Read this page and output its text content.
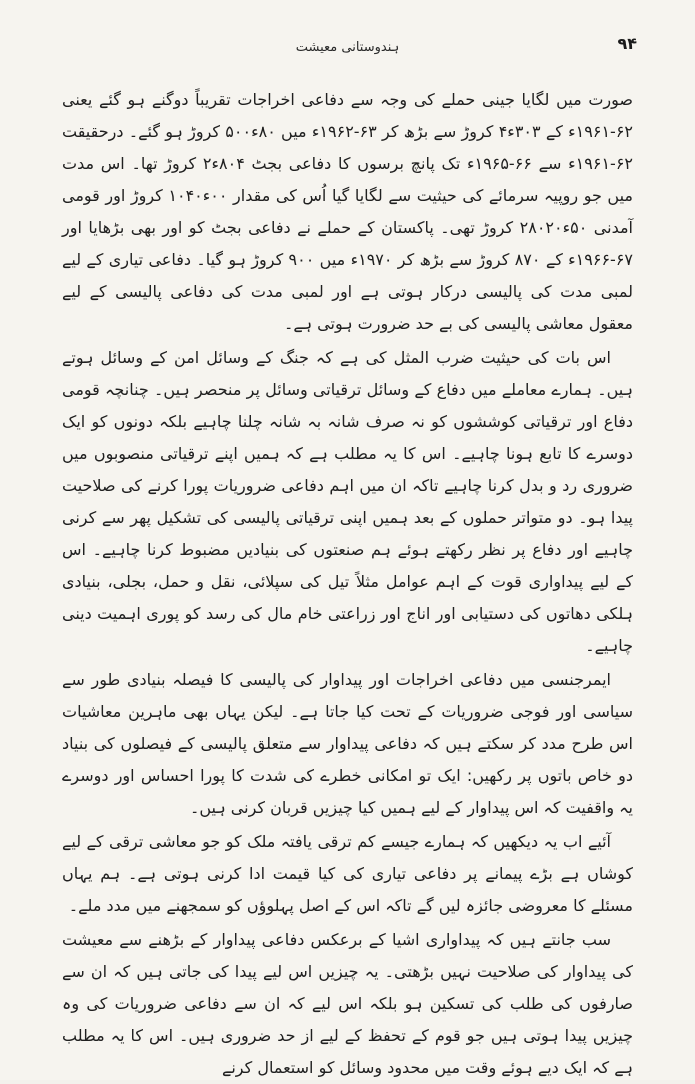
ہندوستانی معیشت	۹۴

صورت میں لگایا جینی حملے کی وجہ سے دفاعی اخراجات تقریباً دوگنے ہو گئے یعنی ۶۲-۱۹۶۱ء کے ۳۰۳ء۴ کروڑ سے بڑھ کر ۶۳-۱۹۶۲ء میں ۸۰ء۵۰۰ کروڑ ہو گئے۔ درحقیقت ۶۲-۱۹۶۱ء سے ۶۶-۱۹۶۵ء تک پانچ برسوں کا دفاعی بجٹ ۸۰۴ء۲ کروڑ تھا۔ اس مدت میں جو روپیہ سرمائے کی حیثیت سے لگایا گیا اُس کی مقدار ۰۰ء۱۰۴۰ کروڑ اور قومی آمدنی ۵۰ء۲۸۰۲۰ کروڑ تھی۔ پاکستان کے حملے نے دفاعی بجٹ کو اور بھی بڑھایا اور ۶۷-۱۹۶۶ء کے ۸۷۰ کروڑ سے بڑھ کر ۱۹۷۰ء میں ۹۰۰ کروڑ ہو گیا۔ دفاعی تیاری کے لیے لمبی مدت کی پالیسی درکار ہوتی ہے اور لمبی مدت کی دفاعی پالیسی کے لیے معقول معاشی پالیسی کی بے حد ضرورت ہوتی ہے۔

اس بات کی حیثیت ضرب المثل کی ہے کہ جنگ کے وسائل امن کے وسائل ہوتے ہیں۔ ہمارے معاملے میں دفاع کے وسائل ترقیاتی وسائل پر منحصر ہیں۔ چنانچہ قومی دفاع اور ترقیاتی کوششوں کو نہ صرف شانہ بہ شانہ چلنا چاہیے بلکہ دونوں کو ایک دوسرے کا تابع ہونا چاہیے۔ اس کا یہ مطلب ہے کہ ہمیں اپنے ترقیاتی منصوبوں میں ضروری رد و بدل کرنا چاہیے تاکہ ان میں اہم دفاعی ضروریات پورا کرنے کی صلاحیت پیدا ہو۔ دو متواتر حملوں کے بعد ہمیں اپنی ترقیاتی پالیسی کی تشکیل پھر سے کرنی چاہیے اور دفاع پر نظر رکھتے ہوئے ہم صنعتوں کی بنیادیں مضبوط کرنا چاہیے۔ اس کے لیے پیداواری قوت کے اہم عوامل مثلاً تیل کی سپلائی، نقل و حمل، بجلی، بنیادی ہلکی دھاتوں کی دستیابی اور اناج اور زراعتی خام مال کی رسد کو پوری اہمیت دینی چاہیے۔

ایمرجنسی میں دفاعی اخراجات اور پیداوار کی پالیسی کا فیصلہ بنیادی طور سے سیاسی اور فوجی ضروریات کے تحت کیا جاتا ہے۔ لیکن یہاں بھی ماہرین معاشیات اس طرح مدد کر سکتے ہیں کہ دفاعی پیداوار سے متعلق پالیسی کے فیصلوں کی بنیاد دو خاص باتوں پر رکھیں: ایک تو امکانی خطرے کی شدت کا پورا احساس اور دوسرے یہ واقفیت کہ اس پیداوار کے لیے ہمیں کیا چیزیں قربان کرنی ہیں۔

آئیے اب یہ دیکھیں کہ ہمارے جیسے کم ترقی یافتہ ملک کو جو معاشی ترقی کے لیے کوشاں ہے بڑے پیمانے پر دفاعی تیاری کی کیا قیمت ادا کرنی ہوتی ہے۔ ہم یہاں مسئلے کا معروضی جائزہ لیں گے تاکہ اس کے اصل پہلوؤں کو سمجھنے میں مدد ملے۔

سب جانتے ہیں کہ پیداواری اشیا کے برعکس دفاعی پیداوار کے بڑھنے سے معیشت کی پیداوار کی صلاحیت نہیں بڑھتی۔ یہ چیزیں اس لیے پیدا کی جاتی ہیں کہ ان سے صارفوں کی طلب کی تسکین ہو بلکہ اس لیے کہ ان سے دفاعی ضروریات کی وہ چیزیں پیدا ہوتی ہیں جو قوم کے تحفظ کے لیے از حد ضروری ہیں۔ اس کا یہ مطلب ہے کہ ایک دیے ہوئے وقت میں محدود وسائل کو استعمال کرنے
